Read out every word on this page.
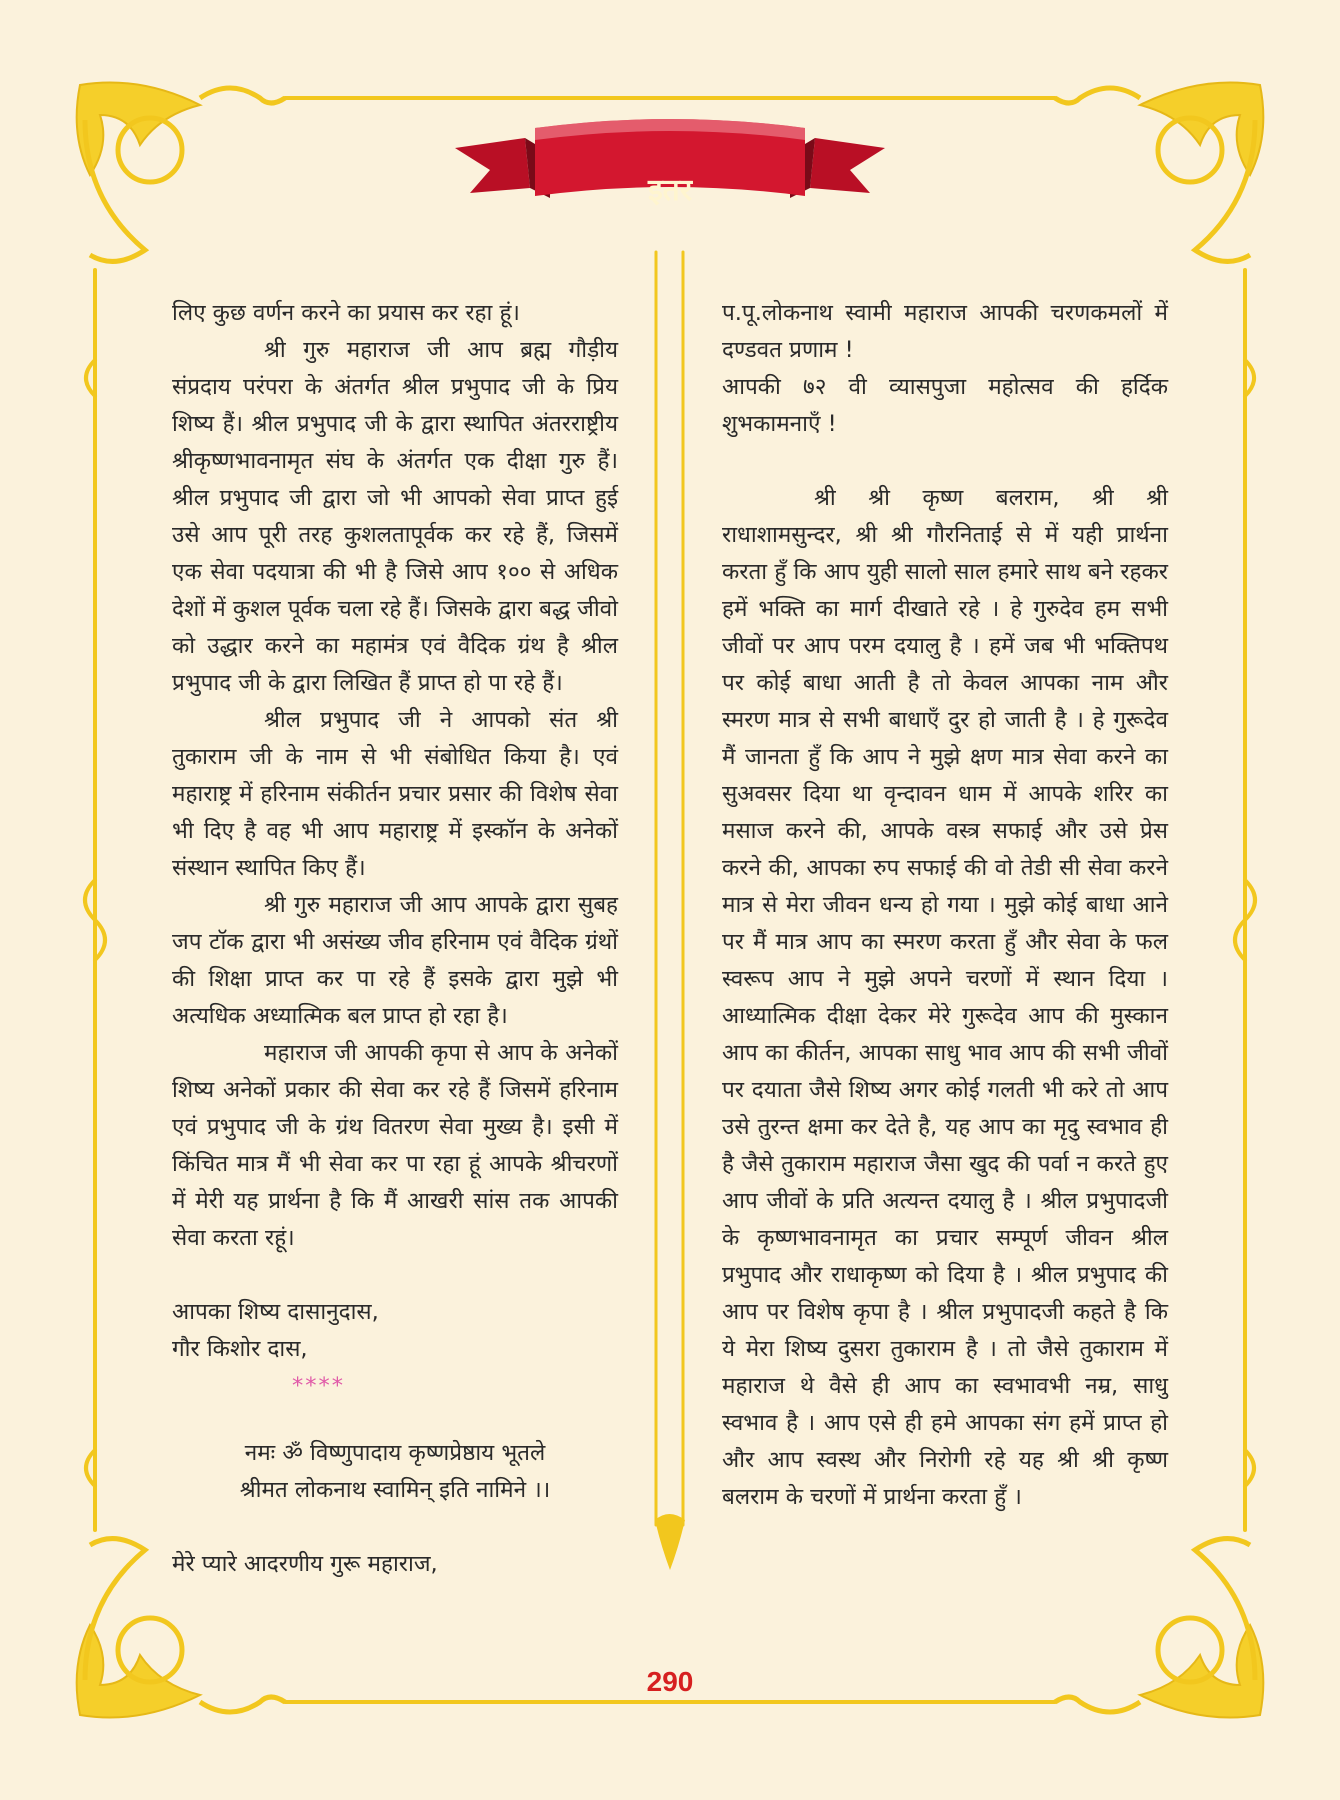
इतर

लिए कुछ वर्णन करने का प्रयास कर रहा हूं।

श्री गुरु महाराज जी आप ब्रह्म गौड़ीय संप्रदाय परंपरा के अंतर्गत श्रील प्रभुपाद जी के प्रिय शिष्य हैं। श्रील प्रभुपाद जी के द्वारा स्थापित अंतरराष्ट्रीय श्रीकृष्णभावनामृत संघ के अंतर्गत एक दीक्षा गुरु हैं। श्रील प्रभुपाद जी द्वारा जो भी आपको सेवा प्राप्त हुई उसे आप पूरी तरह कुशलतापूर्वक कर रहे हैं, जिसमें एक सेवा पदयात्रा की भी है जिसे आप १०० से अधिक देशों में कुशल पूर्वक चला रहे हैं। जिसके द्वारा बद्ध जीवो को उद्धार करने का महामंत्र एवं वैदिक ग्रंथ है श्रील प्रभुपाद जी के द्वारा लिखित हैं प्राप्त हो पा रहे हैं।

श्रील प्रभुपाद जी ने आपको संत श्री तुकाराम जी के नाम से भी संबोधित किया है। एवं महाराष्ट्र में हरिनाम संकीर्तन प्रचार प्रसार की विशेष सेवा भी दिए है वह भी आप महाराष्ट्र में इस्कॉन के अनेकों संस्थान स्थापित किए हैं।

श्री गुरु महाराज जी आप आपके द्वारा सुबह जप टॉक द्वारा भी असंख्य जीव हरिनाम एवं वैदिक ग्रंथों की शिक्षा प्राप्त कर पा रहे हैं इसके द्वारा मुझे भी अत्यधिक अध्यात्मिक बल प्राप्त हो रहा है।

महाराज जी आपकी कृपा से आप के अनेकों शिष्य अनेकों प्रकार की सेवा कर रहे हैं जिसमें हरिनाम एवं प्रभुपाद जी के ग्रंथ वितरण सेवा मुख्य है। इसी में किंचित मात्र मैं भी सेवा कर पा रहा हूं आपके श्रीचरणों में मेरी यह प्रार्थना है कि मैं आखरी सांस तक आपकी सेवा करता रहूं।

आपका शिष्य दासानुदास,

गौर किशोर दास,

****

नमः ॐ विष्णुपादाय कृष्णप्रेष्ठाय भूतले

श्रीमत लोकनाथ स्वामिन् इति नामिने ।।

मेरे प्यारे आदरणीय गुरू महाराज,

प.पू.लोकनाथ स्वामी महाराज आपकी चरणकमलों में दण्डवत प्रणाम !

आपकी ७२ वी व्यासपुजा महोत्सव की हर्दिक शुभकामनाएँ !

श्री श्री कृष्ण बलराम, श्री श्री राधाशामसुन्दर, श्री श्री गौरनिताई से में यही प्रार्थना करता हुँ कि आप युही सालो साल हमारे साथ बने रहकर हमें भक्ति का मार्ग दीखाते रहे । हे गुरुदेव हम सभी जीवों पर आप परम दयालु है । हमें जब भी भक्तिपथ पर कोई बाधा आती है तो केवल आपका नाम और स्मरण मात्र से सभी बाधाएँ दुर हो जाती है । हे गुरूदेव मैं जानता हुँ कि आप ने मुझे क्षण मात्र सेवा करने का सुअवसर दिया था वृन्दावन धाम में आपके शरिर का मसाज करने की, आपके वस्त्र सफाई और उसे प्रेस करने की, आपका रुप सफाई की वो तेडी सी सेवा करने मात्र से मेरा जीवन धन्य हो गया । मुझे कोई बाधा आने पर मैं मात्र आप का स्मरण करता हुँ और सेवा के फल स्वरूप आप ने मुझे अपने चरणों में स्थान दिया । आध्यात्मिक दीक्षा देकर मेरे गुरूदेव आप की मुस्कान आप का कीर्तन, आपका साधु भाव आप की सभी जीवों पर दयाता जैसे शिष्य अगर कोई गलती भी करे तो आप उसे तुरन्त क्षमा कर देते है, यह आप का मृदु स्वभाव ही है जैसे तुकाराम महाराज जैसा खुद की पर्वा न करते हुए आप जीवों के प्रति अत्यन्त दयालु है । श्रील प्रभुपादजी के कृष्णभावनामृत का प्रचार सम्पूर्ण जीवन श्रील प्रभुपाद और राधाकृष्ण को दिया है । श्रील प्रभुपाद की आप पर विशेष कृपा है । श्रील प्रभुपादजी कहते है कि ये मेरा शिष्य दुसरा तुकाराम है । तो जैसे तुकाराम में महाराज थे वैसे ही आप का स्वभावभी नम्र, साधु स्वभाव है । आप एसे ही हमे आपका संग हमें प्राप्त हो और आप स्वस्थ और निरोगी रहे यह श्री श्री कृष्ण बलराम के चरणों में प्रार्थना करता हुँ ।

290
